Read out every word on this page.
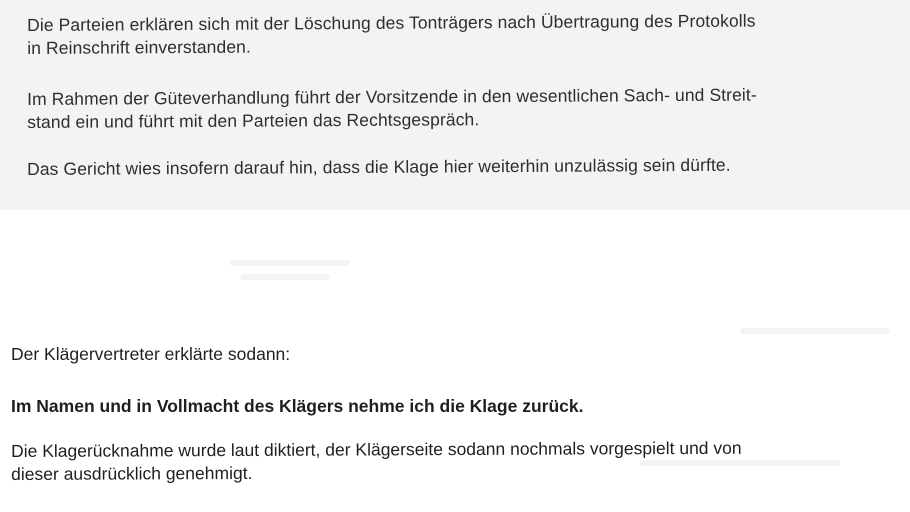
Die Parteien erklären sich mit der Löschung des Tonträgers nach Übertragung des Protokolls
in Reinschrift einverstanden.
Im Rahmen der Güteverhandlung führt der Vorsitzende in den wesentlichen Sach- und Streit-
stand ein und führt mit den Parteien das Rechtsgespräch.
Das Gericht wies insofern darauf hin, dass die Klage hier weiterhin unzulässig sein dürfte.
Der Klägervertreter erklärte sodann:
Im Namen und in Vollmacht des Klägers nehme ich die Klage zurück.
Die Klagerücknahme wurde laut diktiert, der Klägerseite sodann nochmals vorgespielt und von
dieser ausdrücklich genehmigt.
